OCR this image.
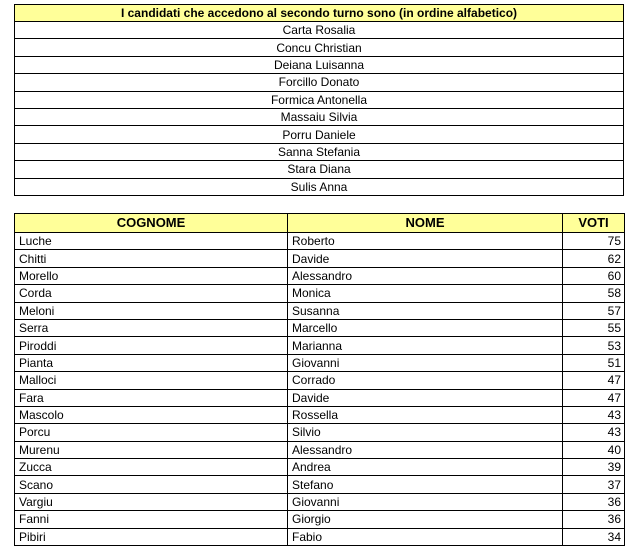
I candidati che accedono al secondo turno sono (in ordine alfabetico)
Carta Rosalia
Concu Christian
Deiana Luisanna
Forcillo Donato
Formica Antonella
Massaiu Silvia
Porru Daniele
Sanna Stefania
Stara Diana
Sulis Anna
COGNOME	NOME	VOTI
Luche	Roberto	75
Chitti	Davide	62
Morello	Alessandro	60
Corda	Monica	58
Meloni	Susanna	57
Serra	Marcello	55
Piroddi	Marianna	53
Pianta	Giovanni	51
Malloci	Corrado	47
Fara	Davide	47
Mascolo	Rossella	43
Porcu	Silvio	43
Murenu	Alessandro	40
Zucca	Andrea	39
Scano	Stefano	37
Vargiu	Giovanni	36
Fanni	Giorgio	36
Pibiri	Fabio	34
